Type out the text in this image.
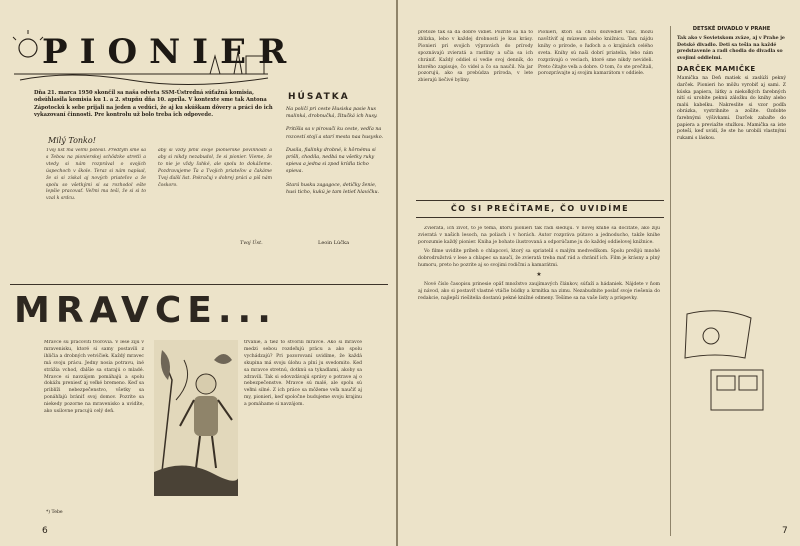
PIONIER
Dňa 21. marca 1950 skončil sa naša odveta SSM-Ústredná súťažná komisia, odsúhlasila komisia ku 1. a 2. stupňu dňa 10. apríla. V kontexte sme tak Antona Zápotockú k sebe prijali na jeden a vedúci, že aj ku skúškam dôvery a práci do ich vykazovaní činnosti. Pre kontrolu už bolo treba ich odpovede.
HÚSATKA
Na poličí pri ceste Husiska pasie hus malinká, drobnučká, žltučká ich husy.
Pritíšla sa v pirovači ku ceste, vedľa na rozcestí stojí a starí mesta naa husysko.
Dusila, fialinky drobné, k hôrnému si prišli, chodila, nedbá na všetky ruky spieva a jedna si zpod krídla ticho spieva.
Stará husku zagagoce, detičky ženie, husi ticho, kukú je tam letieť hlavičku.
Leoin Lúčka
Milý Tonko!
Tvoj list ma velmi potešil. Predtým sme sa s Tebou na pionierskej schôdzke stretli a vtedy si nám rozprával o svojich úspechoch v škole. Teraz si nám napísal, že si si získal aj nových priateľov a že spolu so všetkými si sa rozhodol ešte lepšie pracovať. Veľmi ma teší, že si si to vzal k srdcu.
aby si vždy plnil svoje pionierske povinnosti a aby si nikdy nezabudol, že si pionier. Vieme, že to nie je vždy ľahké, ale spolu to dokážeme. Pozdravujeme Ťa a Tvojich priateľov a čakáme Tvoj ďalší list. Pokračuj v dobrej práci a píš nám čoskoro.
Tvoj Úst.
MRAVCE...
Mravce sú pracovití tvorovia. V lese žijú v mravenisku, ktoré si samy postavili z ihličia a drobných vetvičiek. Každý mravec má svoju prácu. Jedny nosia potravu, iné strážia vchod, ďalšie sa starajú o mladé. Mravce si navzájom pomáhajú a spolu dokážu preniesť aj veľké bremeno. Keď sa priblíži nebezpečenstvo, všetky sa ponáhľajú brániť svoj domov. Pozrite sa niekedy pozorne na mravenisko a uvidíte, ako usilovne pracujú celý deň.
trvanie, a tiež to stvorili mravce. Ako si mravce medzi sebou rozdeľujú prácu a ako spolu vychádzajú? Pri pozorovaní uvidíme, že každá skupina má svoju úlohu a plní ju svedomito. Keď sa mravce stretnú, dotknú sa tykadlami, akoby sa zdravili. Tak si odovzdávajú správy o potrave aj o nebezpečenstve. Mravce sú malé, ale spolu sú veľmi silné. Z ich práce sa môžeme veľa naučiť aj my, pionieri, keď spoločne budujeme svoju krajinu a pomáhame si navzájom.
*) Tebe
6
pretože tak sa dá dobre vidieť. Pozrite sa na to zblízka, lebo v každej drobnosti je kus krásy. Pionieri pri svojich výpravách do prírody spoznávajú zvieratá a rastliny a učia sa ich chrániť. Každý oddiel si vedie svoj denník, do ktorého zapisuje, čo videl a čo sa naučil. Na jar pozorujú, ako sa prebúdza príroda, v lete zbierajú liečivé byliny.
Pionieri, ktorí sa chcú dozvedieť viac, môžu navštíviť aj múzeum alebo knižnicu. Tam nájdu knihy o prírode, o ľuďoch a o krajinách celého sveta. Knihy sú naši dobrí priatelia, lebo nám rozprávajú o veciach, ktoré sme nikdy nevideli. Preto čítajte veľa a dobre. O tom, čo ste prečítali, porozprávajte aj svojim kamarátom v oddiele.
ČO SI PREČÍTAME, ČO UVIDÍME

Zvieratá, ich život, to je téma, ktorú pionieri tak radi sledujú. V novej knihe sa dočítate, ako žijú zvieratá v našich lesoch, na poliach i v horách. Autor rozpráva pútavo a jednoducho, takže knihe porozumie každý pionier. Kniha je bohato ilustrovaná a odporúčame ju do každej oddielovej knižnice.

Vo filme uvidíte príbeh o chlapcovi, ktorý sa spriatelil s malým medvedíkom. Spolu prežijú mnohé dobrodružstvá v lese a chlapec sa naučí, že zvieratá treba mať rád a chrániť ich. Film je krásny a plný humoru, preto ho pozrite aj so svojimi rodičmi a kamarátmi.

★

Nové číslo časopisu prinesie opäť množstvo zaujímavých článkov, súťaží a hádaniek. Nájdete v ňom aj návod, ako si postaviť vlastné vtáčie búdky a krmítka na zimu. Nezabudnite poslať svoje riešenia do redakcie, najlepší riešitelia dostanú pekné knižné odmeny. Tešíme sa na vaše listy a príspevky.

DETSKÉ DIVADLO V PRAHE
Tak ako v Sovietskom zväze, aj v Prahe je Detské divadlo. Deti sa tešia na každé predstavenie a radi chodia do divadla so svojimi oddielmi.
DARČEK MAMIČKE
Mamička na Deň matiek si zaslúži pekný darček. Pionieri ho môžu vyrobiť aj sami. Z kúska papiera, látky a niekoľkých farebných nití si urobíte peknú záložku do knihy alebo malú kabelku. Nakreslite si vzor podľa obrázka, vystrihnite a zošite. Ozdobte farebnými výšivkami. Darček zabaľte do papiera a previažte stužkou. Mamička sa iste poteší, keď uvidí, že ste ho urobili vlastnými rukami s láskou.
7
